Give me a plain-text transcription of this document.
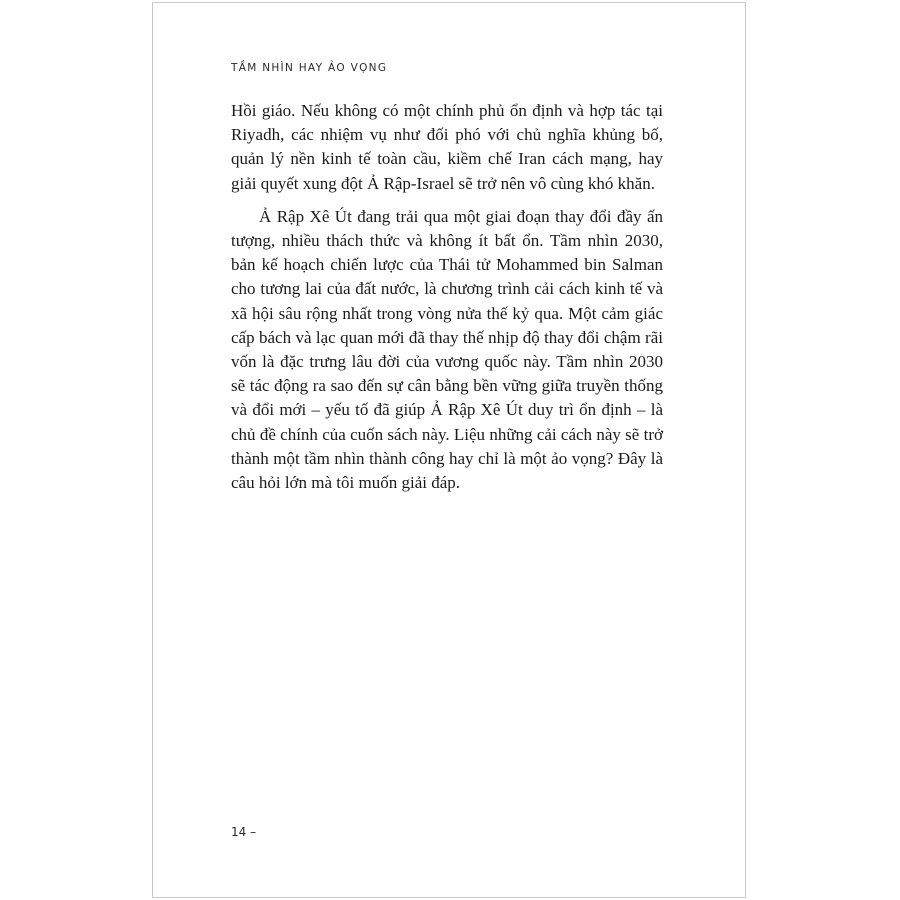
TẦM NHÌN HAY ẢO VỌNG

Hồi giáo. Nếu không có một chính phủ ổn định và hợp tác tại Riyadh, các nhiệm vụ như đối phó với chủ nghĩa khủng bố, quản lý nền kinh tế toàn cầu, kiềm chế Iran cách mạng, hay giải quyết xung đột Ả Rập-Israel sẽ trở nên vô cùng khó khăn.

Ả Rập Xê Út đang trải qua một giai đoạn thay đổi đầy ấn tượng, nhiều thách thức và không ít bất ổn. Tầm nhìn 2030, bản kế hoạch chiến lược của Thái tử Mohammed bin Salman cho tương lai của đất nước, là chương trình cải cách kinh tế và xã hội sâu rộng nhất trong vòng nửa thế kỷ qua. Một cảm giác cấp bách và lạc quan mới đã thay thế nhịp độ thay đổi chậm rãi vốn là đặc trưng lâu đời của vương quốc này. Tầm nhìn 2030 sẽ tác động ra sao đến sự cân bằng bền vững giữa truyền thống và đổi mới – yếu tố đã giúp Ả Rập Xê Út duy trì ổn định – là chủ đề chính của cuốn sách này. Liệu những cải cách này sẽ trở thành một tầm nhìn thành công hay chỉ là một ảo vọng? Đây là câu hỏi lớn mà tôi muốn giải đáp.

14 –
